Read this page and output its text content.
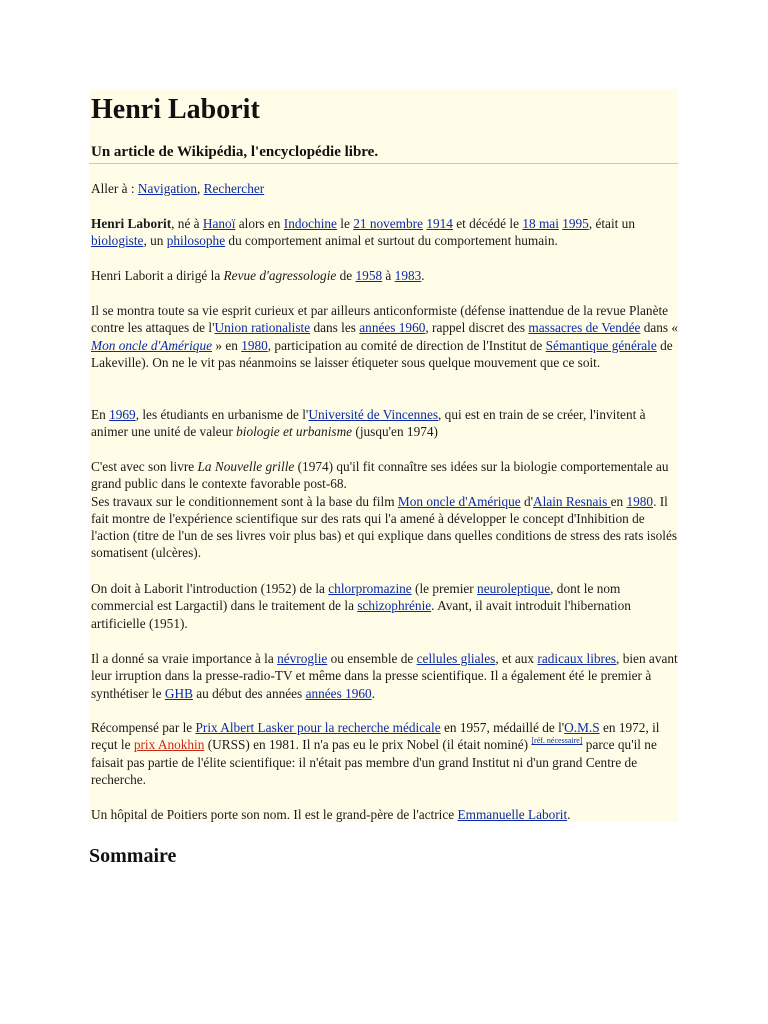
Henri Laborit
Un article de Wikipédia, l'encyclopédie libre.

Aller à : Navigation, Rechercher

Henri Laborit, né à Hanoï alors en Indochine le 21 novembre 1914 et décédé le 18 mai 1995, était un biologiste, un philosophe du comportement animal et surtout du comportement humain.

Henri Laborit a dirigé la Revue d'agressologie de 1958 à 1983.

Il se montra toute sa vie esprit curieux et par ailleurs anticonformiste (défense inattendue de la revue Planète contre les attaques de l'Union rationaliste dans les années 1960, rappel discret des massacres de Vendée dans « Mon oncle d'Amérique » en 1980, participation au comité de direction de l'Institut de Sémantique générale de Lakeville). On ne le vit pas néanmoins se laisser étiqueter sous quelque mouvement que ce soit.

En 1969, les étudiants en urbanisme de l'Université de Vincennes, qui est en train de se créer, l'invitent à animer une unité de valeur biologie et urbanisme (jusqu'en 1974)

C'est avec son livre La Nouvelle grille (1974) qu'il fit connaître ses idées sur la biologie comportementale au grand public dans le contexte favorable post-68.
Ses travaux sur le conditionnement sont à la base du film Mon oncle d'Amérique d'Alain Resnais en 1980. Il fait montre de l'expérience scientifique sur des rats qui l'a amené à développer le concept d'Inhibition de l'action (titre de l'un de ses livres voir plus bas) et qui explique dans quelles conditions de stress des rats isolés somatisent (ulcères).

On doit à Laborit l'introduction (1952) de la chlorpromazine (le premier neuroleptique, dont le nom commercial est Largactil) dans le traitement de la schizophrénie. Avant, il avait introduit l'hibernation artificielle (1951).

Il a donné sa vraie importance à la névroglie ou ensemble de cellules gliales, et aux radicaux libres, bien avant leur irruption dans la presse-radio-TV et même dans la presse scientifique. Il a également été le premier à synthétiser le GHB au début des années années 1960.

Récompensé par le Prix Albert Lasker pour la recherche médicale en 1957, médaillé de l'O.M.S en 1972, il reçut le prix Anokhin (URSS) en 1981. Il n'a pas eu le prix Nobel (il était nominé) [réf. nécessaire] parce qu'il ne faisait pas partie de l'élite scientifique: il n'était pas membre d'un grand Institut ni d'un grand Centre de recherche.

Un hôpital de Poitiers porte son nom. Il est le grand-père de l'actrice Emmanuelle Laborit.

Sommaire
